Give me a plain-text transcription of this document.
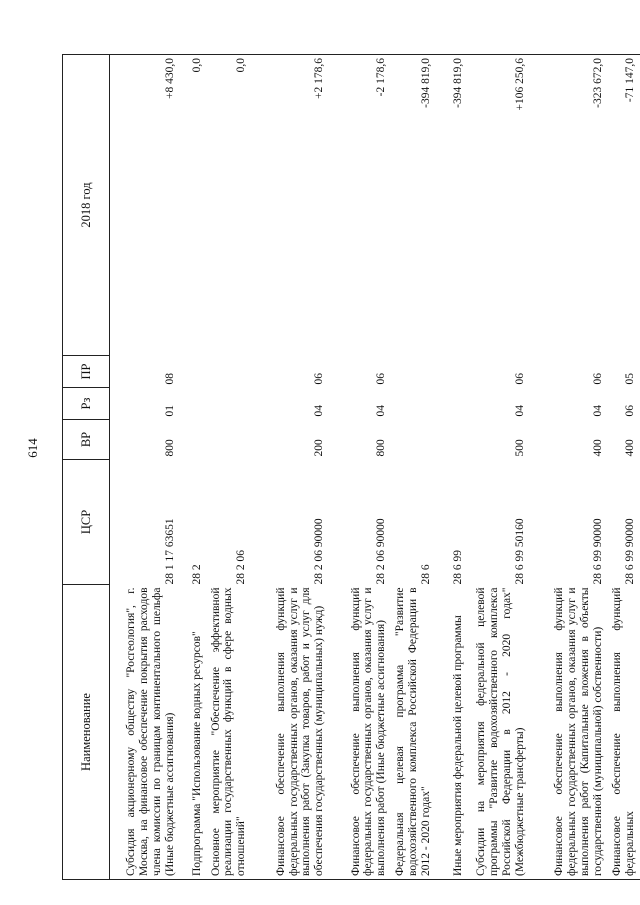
614
Наименование	ЦСР	ВР	Рз	ПР	2018 год
Субсидия акционерному обществу "Росгеология", г. Москва, на финансовое обеспечение покрытия расходов члена комиссии по границам континентального шельфа (Иные бюджетные ассигнования)	28 1 17 63651	800	01	08	+8 430,0
Подпрограмма "Использование водных ресурсов"	28 2				0,0
Основное мероприятие "Обеспечение эффективной реализации государственных функций в сфере водных отношений"	28 2 06				0,0
Финансовое обеспечение выполнения функций федеральных государственных органов, оказания услуг и выполнения работ (Закупка товаров, работ и услуг для обеспечения государственных (муниципальных) нужд)	28 2 06 90000	200	04	06	+2 178,6
Финансовое обеспечение выполнения функций федеральных государственных органов, оказания услуг и выполнения работ (Иные бюджетные ассигнования)	28 2 06 90000	800	04	06	-2 178,6
Федеральная целевая программа "Развитие водохозяйственного комплекса Российской Федерации в 2012 - 2020 годах"	28 6				-394 819,0
Иные мероприятия федеральной целевой программы	28 6 99				-394 819,0
Субсидии на мероприятия федеральной целевой программы "Развитие водохозяйственного комплекса Российской Федерации в 2012 - 2020 годах" (Межбюджетные трансферты)	28 6 99 50160	500	04	06	+106 250,6
Финансовое обеспечение выполнения функций федеральных государственных органов, оказания услуг и выполнения работ (Капитальные вложения в объекты государственной (муниципальной) собственности)	28 6 99 90000	400	04	06	-323 672,0
Финансовое обеспечение выполнения функций федеральных	28 6 99 90000	400	06	05	-71 147,0
